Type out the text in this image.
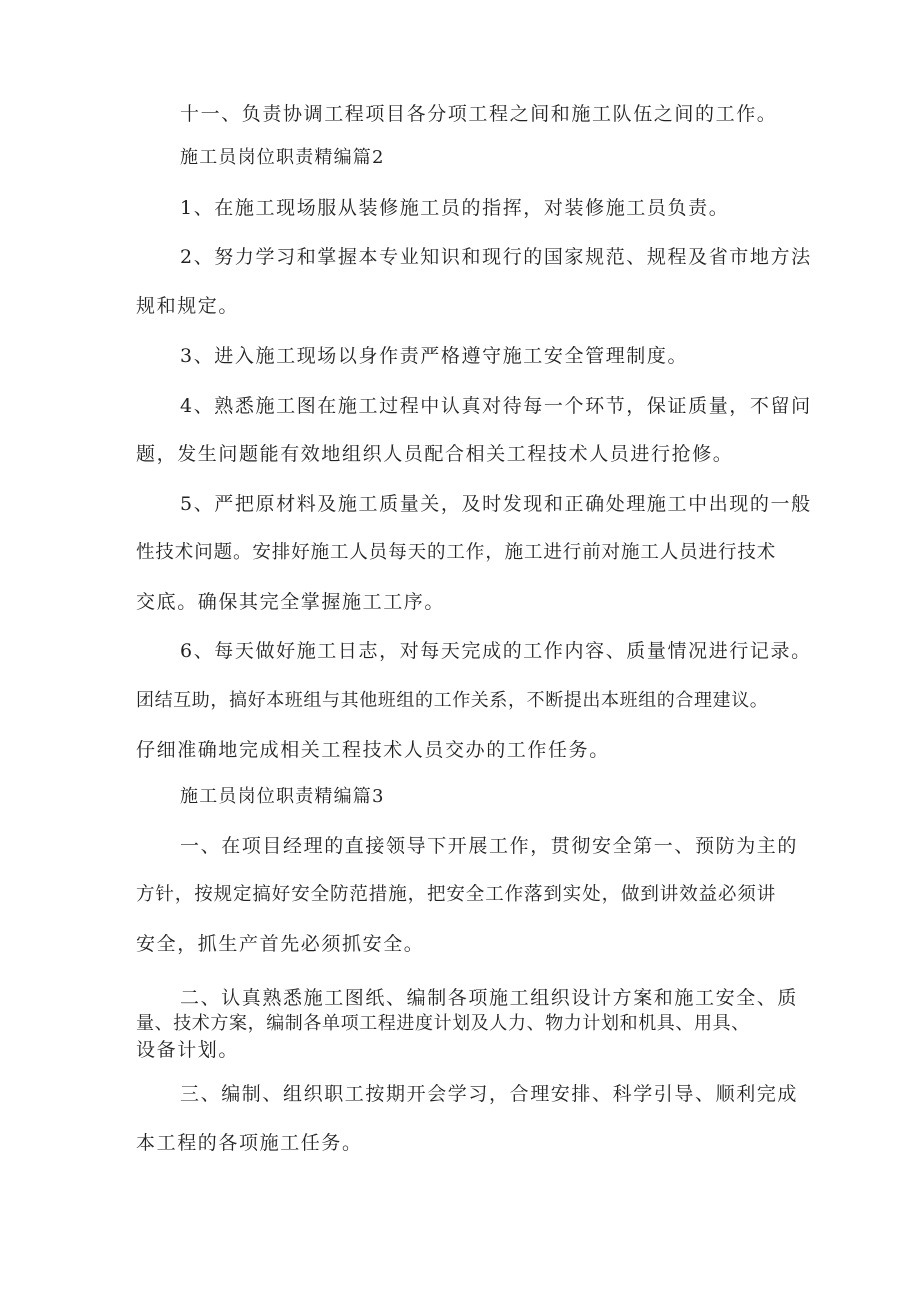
十一、负责协调工程项目各分项工程之间和施工队伍之间的工作。
施工员岗位职责精编篇2
1、在施工现场服从装修施工员的指挥，对装修施工员负责。
2、努力学习和掌握本专业知识和现行的国家规范、规程及省市地方法
规和规定。
3、进入施工现场以身作责严格遵守施工安全管理制度。
4、熟悉施工图在施工过程中认真对待每一个环节，保证质量，不留问
题，发生问题能有效地组织人员配合相关工程技术人员进行抢修。
5、严把原材料及施工质量关，及时发现和正确处理施工中出现的一般
性技术问题。安排好施工人员每天的工作，施工进行前对施工人员进行技术
交底。确保其完全掌握施工工序。
6、每天做好施工日志，对每天完成的工作内容、质量情况进行记录。
团结互助，搞好本班组与其他班组的工作关系，不断提出本班组的合理建议。
仔细准确地完成相关工程技术人员交办的工作任务。
施工员岗位职责精编篇3
一、在项目经理的直接领导下开展工作，贯彻安全第一、预防为主的
方针，按规定搞好安全防范措施，把安全工作落到实处，做到讲效益必须讲
安全，抓生产首先必须抓安全。
二、认真熟悉施工图纸、编制各项施工组织设计方案和施工安全、质
量、技术方案，编制各单项工程进度计划及人力、物力计划和机具、用具、
设备计划。
三、编制、组织职工按期开会学习，合理安排、科学引导、顺利完成
本工程的各项施工任务。
